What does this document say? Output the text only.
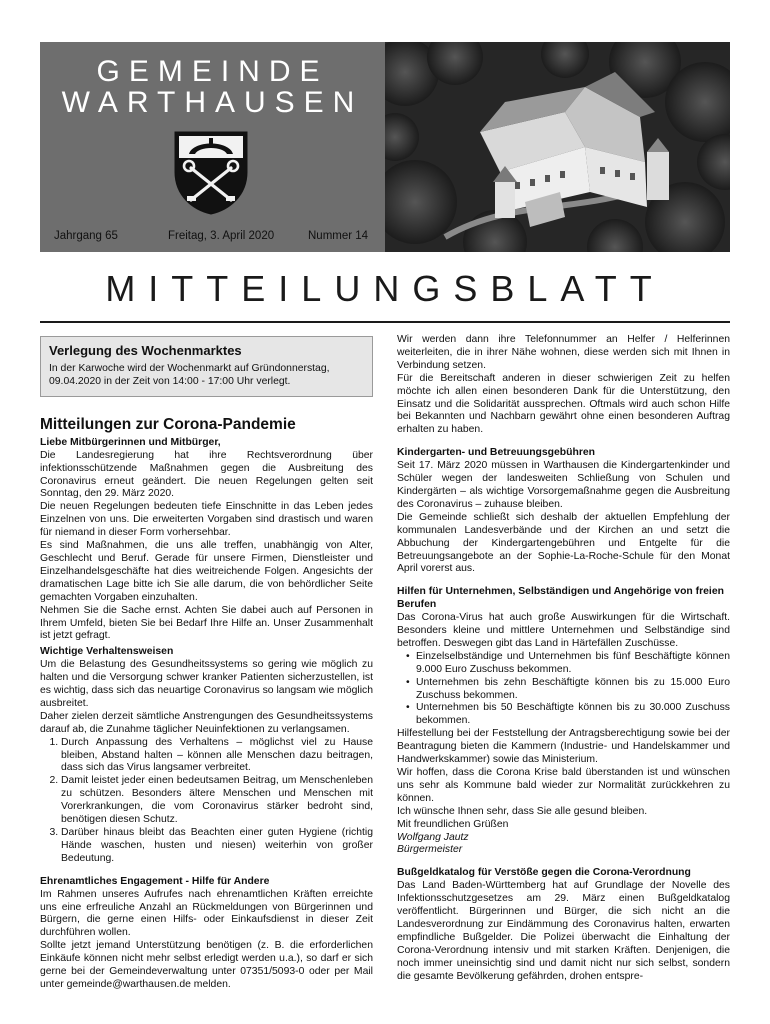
GEMEINDE
WARTHAUSEN
Jahrgang 65	Freitag, 3. April 2020	Nummer 14
MITTEILUNGSBLATT
Verlegung des Wochenmarktes

In der Karwoche wird der Wochenmarkt auf Gründonnerstag, 09.04.2020 in der Zeit von 14:00 - 17:00 Uhr verlegt.

Mitteilungen zur Corona-Pandemie

Liebe Mitbürgerinnen und Mitbürger,

Die Landesregierung hat ihre Rechtsverordnung über infektionsschützende Maßnahmen gegen die Ausbreitung des Coronavirus erneut geändert. Die neuen Regelungen gelten seit Sonntag, den 29. März 2020.

Die neuen Regelungen bedeuten tiefe Einschnitte in das Leben jedes Einzelnen von uns. Die erweiterten Vorgaben sind drastisch und waren für niemand in dieser Form vorhersehbar.

Es sind Maßnahmen, die uns alle treffen, unabhängig von Alter, Geschlecht und Beruf. Gerade für unsere Firmen, Dienstleister und Einzelhandelsgeschäfte hat dies weitreichende Folgen. Angesichts der dramatischen Lage bitte ich Sie alle darum, die von behördlicher Seite gemachten Vorgaben einzuhalten.

Nehmen Sie die Sache ernst. Achten Sie dabei auch auf Personen in Ihrem Umfeld, bieten Sie bei Bedarf Ihre Hilfe an. Unser Zusammenhalt ist jetzt gefragt.

Wichtige Verhaltensweisen

Um die Belastung des Gesundheitssystems so gering wie möglich zu halten und die Versorgung schwer kranker Patienten sicherzustellen, ist es wichtig, dass sich das neuartige Coronavirus so langsam wie möglich ausbreitet.

Daher zielen derzeit sämtliche Anstrengungen des Gesundheitssystems darauf ab, die Zunahme täglicher Neuinfektionen zu verlangsamen.

1. Durch Anpassung des Verhaltens – möglichst viel zu Hause bleiben, Abstand halten – können alle Menschen dazu beitragen, dass sich das Virus langsamer verbreitet.
2. Damit leistet jeder einen bedeutsamen Beitrag, um Menschenleben zu schützen. Besonders ältere Menschen und Menschen mit Vorerkrankungen, die vom Coronavirus stärker bedroht sind, benötigen diesen Schutz.
3. Darüber hinaus bleibt das Beachten einer guten Hygiene (richtig Hände waschen, husten und niesen) weiterhin von großer Bedeutung.

Ehrenamtliches Engagement - Hilfe für Andere

Im Rahmen unseres Aufrufes nach ehrenamtlichen Kräften erreichte uns eine erfreuliche Anzahl an Rückmeldungen von Bürgerinnen und Bürgern, die gerne einen Hilfs- oder Einkaufsdienst in dieser Zeit durchführen wollen.

Sollte jetzt jemand Unterstützung benötigen (z. B. die erforderlichen Einkäufe können nicht mehr selbst erledigt werden u.a.), so darf er sich gerne bei der Gemeindeverwaltung unter 07351/5093-0 oder per Mail unter gemeinde@warthausen.de melden.

Wir werden dann ihre Telefonnummer an Helfer / Helferinnen weiterleiten, die in ihrer Nähe wohnen, diese werden sich mit Ihnen in Verbindung setzen.

Für die Bereitschaft anderen in dieser schwierigen Zeit zu helfen möchte ich allen einen besonderen Dank für die Unterstützung, den Einsatz und die Solidarität aussprechen. Oftmals wird auch schon Hilfe bei Bekannten und Nachbarn gewährt ohne einen besonderen Auftrag erhalten zu haben.

Kindergarten- und Betreuungsgebühren

Seit 17. März 2020 müssen in Warthausen die Kindergartenkinder und Schüler wegen der landesweiten Schließung von Schulen und Kindergärten – als wichtige Vorsorgemaßnahme gegen die Ausbreitung des Coronavirus – zuhause bleiben.

Die Gemeinde schließt sich deshalb der aktuellen Empfehlung der kommunalen Landesverbände und der Kirchen an und setzt die Abbuchung der Kindergartengebühren und Entgelte für die Betreuungsangebote an der Sophie-La-Roche-Schule für den Monat April vorerst aus.

Hilfen für Unternehmen, Selbständigen und Angehörige von freien Berufen

Das Corona-Virus hat auch große Auswirkungen für die Wirtschaft. Besonders kleine und mittlere Unternehmen und Selbständige sind betroffen. Deswegen gibt das Land in Härtefällen Zuschüsse.

• Einzelselbständige und Unternehmen bis fünf Beschäftigte können 9.000 Euro Zuschuss bekommen.
• Unternehmen bis zehn Beschäftigte können bis zu 15.000 Euro Zuschuss bekommen.
• Unternehmen bis 50 Beschäftigte können bis zu 30.000 Zuschuss bekommen.

Hilfestellung bei der Feststellung der Antragsberechtigung sowie bei der Beantragung bieten die Kammern (Industrie- und Handelskammer und Handwerkskammer) sowie das Ministerium.

Wir hoffen, dass die Corona Krise bald überstanden ist und wünschen uns sehr als Kommune bald wieder zur Normalität zurückkehren zu können.

Ich wünsche Ihnen sehr, dass Sie alle gesund bleiben.

Mit freundlichen Grüßen

Wolfgang Jautz

Bürgermeister

Bußgeldkatalog für Verstöße gegen die Corona-Verordnung

Das Land Baden-Württemberg hat auf Grundlage der Novelle des Infektionsschutzgesetzes am 29. März einen Bußgeldkatalog veröffentlicht. Bürgerinnen und Bürger, die sich nicht an die Landesverordnung zur Eindämmung des Coronavirus halten, erwarten empfindliche Bußgelder. Die Polizei überwacht die Einhaltung der Corona-Verordnung intensiv und mit starken Kräften. Denjenigen, die noch immer uneinsichtig sind und damit nicht nur sich selbst, sondern die gesamte Bevölkerung gefährden, drohen entspre-
